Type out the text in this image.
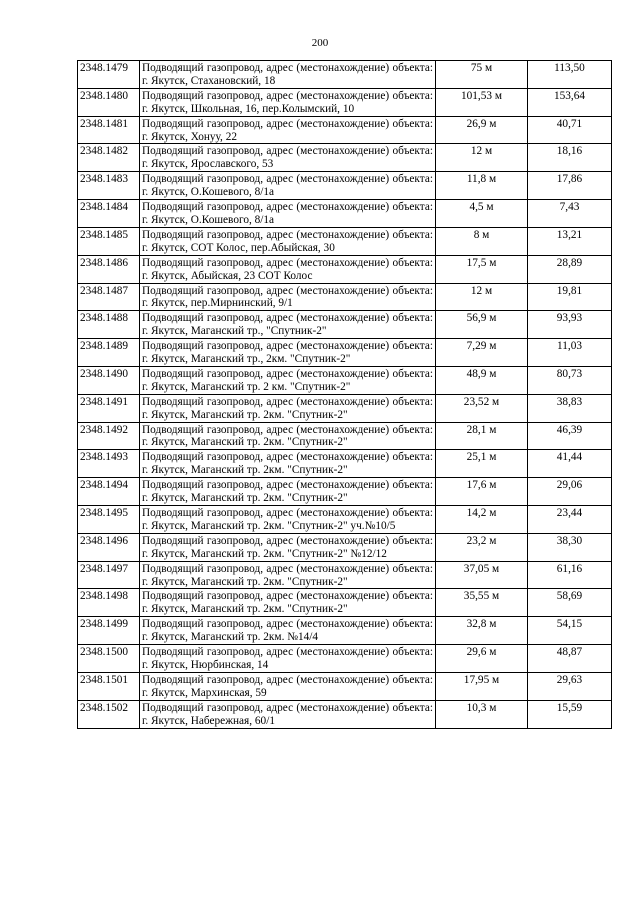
200
2348.1479	Подводящий газопровод, адрес (местонахождение) объекта: г. Якутск, Стахановский, 18	75 м	113,50
2348.1480	Подводящий газопровод, адрес (местонахождение) объекта: г. Якутск, Школьная, 16, пер.Колымский, 10	101,53 м	153,64
2348.1481	Подводящий газопровод, адрес (местонахождение) объекта: г. Якутск, Хонуу, 22	26,9 м	40,71
2348.1482	Подводящий газопровод, адрес (местонахождение) объекта: г. Якутск, Ярославского, 53	12 м	18,16
2348.1483	Подводящий газопровод, адрес (местонахождение) объекта: г. Якутск, О.Кошевого, 8/1а	11,8 м	17,86
2348.1484	Подводящий газопровод, адрес (местонахождение) объекта: г. Якутск, О.Кошевого, 8/1а	4,5 м	7,43
2348.1485	Подводящий газопровод, адрес (местонахождение) объекта: г. Якутск, СОТ Колос, пер.Абыйская, 30	8 м	13,21
2348.1486	Подводящий газопровод, адрес (местонахождение) объекта: г. Якутск, Абыйская, 23 СОТ Колос	17,5 м	28,89
2348.1487	Подводящий газопровод, адрес (местонахождение) объекта: г. Якутск, пер.Мирнинский, 9/1	12 м	19,81
2348.1488	Подводящий газопровод, адрес (местонахождение) объекта: г. Якутск, Маганский тр., "Спутник-2"	56,9 м	93,93
2348.1489	Подводящий газопровод, адрес (местонахождение) объекта: г. Якутск, Маганский тр., 2км. "Спутник-2"	7,29 м	11,03
2348.1490	Подводящий газопровод, адрес (местонахождение) объекта: г. Якутск, Маганский тр. 2 км. "Спутник-2"	48,9 м	80,73
2348.1491	Подводящий газопровод, адрес (местонахождение) объекта: г. Якутск, Маганский тр. 2км. "Спутник-2"	23,52 м	38,83
2348.1492	Подводящий газопровод, адрес (местонахождение) объекта: г. Якутск, Маганский тр. 2км. "Спутник-2"	28,1 м	46,39
2348.1493	Подводящий газопровод, адрес (местонахождение) объекта: г. Якутск, Маганский тр. 2км. "Спутник-2"	25,1 м	41,44
2348.1494	Подводящий газопровод, адрес (местонахождение) объекта: г. Якутск, Маганский тр. 2км. "Спутник-2"	17,6 м	29,06
2348.1495	Подводящий газопровод, адрес (местонахождение) объекта: г. Якутск, Маганский тр. 2км. "Спутник-2" уч.№10/5	14,2 м	23,44
2348.1496	Подводящий газопровод, адрес (местонахождение) объекта: г. Якутск, Маганский тр. 2км. "Спутник-2" №12/12	23,2 м	38,30
2348.1497	Подводящий газопровод, адрес (местонахождение) объекта: г. Якутск, Маганский тр. 2км. "Спутник-2"	37,05 м	61,16
2348.1498	Подводящий газопровод, адрес (местонахождение) объекта: г. Якутск, Маганский тр. 2км. "Спутник-2"	35,55 м	58,69
2348.1499	Подводящий газопровод, адрес (местонахождение) объекта: г. Якутск, Маганский тр. 2км. №14/4	32,8 м	54,15
2348.1500	Подводящий газопровод, адрес (местонахождение) объекта: г. Якутск, Нюрбинская, 14	29,6 м	48,87
2348.1501	Подводящий газопровод, адрес (местонахождение) объекта: г. Якутск, Мархинская, 59	17,95 м	29,63
2348.1502	Подводящий газопровод, адрес (местонахождение) объекта: г. Якутск, Набережная, 60/1	10,3 м	15,59
